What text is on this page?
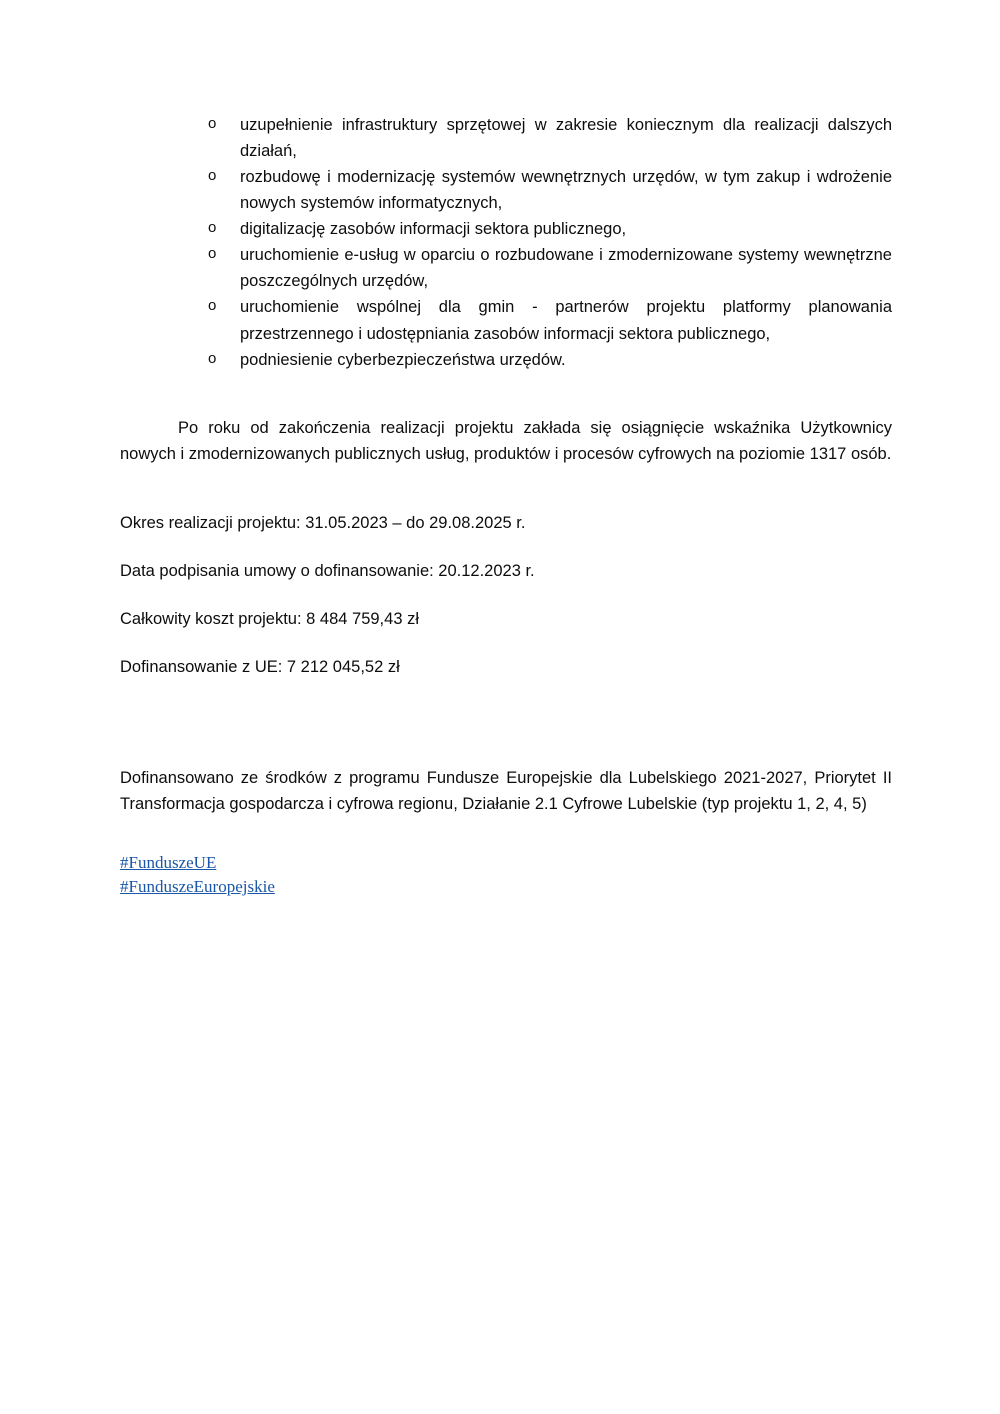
o uzupełnienie infrastruktury sprzętowej w zakresie koniecznym dla realizacji dalszych działań,
o rozbudowę i modernizację systemów wewnętrznych urzędów, w tym zakup i wdrożenie nowych systemów informatycznych,
o digitalizację zasobów informacji sektora publicznego,
o uruchomienie e-usług w oparciu o rozbudowane i zmodernizowane systemy wewnętrzne poszczególnych urzędów,
o uruchomienie wspólnej dla gmin - partnerów projektu platformy planowania przestrzennego i udostępniania zasobów informacji sektora publicznego,
o podniesienie cyberbezpieczeństwa urzędów.

Po roku od zakończenia realizacji projektu zakłada się osiągnięcie wskaźnika Użytkownicy nowych i zmodernizowanych publicznych usług, produktów i procesów cyfrowych na poziomie 1317 osób.

Okres realizacji projektu: 31.05.2023 – do 29.08.2025 r.
Data podpisania umowy o dofinansowanie: 20.12.2023 r.
Całkowity koszt projektu: 8 484 759,43 zł
Dofinansowanie z UE: 7 212 045,52 zł

Dofinansowano ze środków z programu Fundusze Europejskie dla Lubelskiego 2021-2027, Priorytet II Transformacja gospodarcza i cyfrowa regionu, Działanie 2.1 Cyfrowe Lubelskie (typ projektu 1, 2, 4, 5)

#FunduszeUE
#FunduszeEuropejskie
